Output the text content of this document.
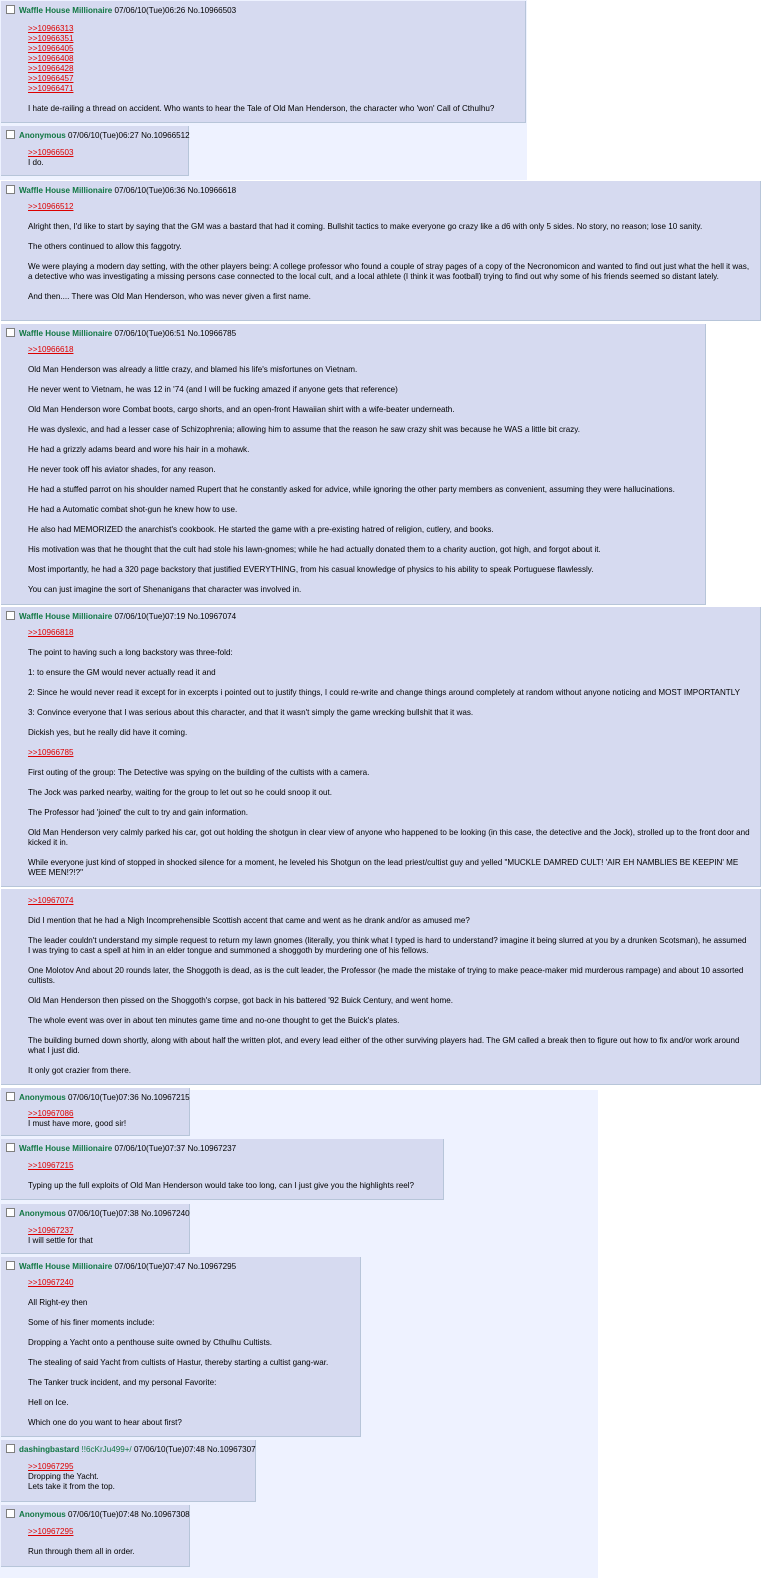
Waffle House Millionaire 07/06/10(Tue)06:26 No.10966503

>>10966313
>>10966351
>>10966405
>>10966408
>>10966428
>>10966457
>>10966471

I hate de-railing a thread on accident. Who wants to hear the Tale of Old Man Henderson, the character who 'won' Call of Cthulhu?

Anonymous 07/06/10(Tue)06:27 No.10966512
>>10966503

I do.

Waffle House Millionaire 07/06/10(Tue)06:36 No.10966618

>>10966512

Alright then, I'd like to start by saying that the GM was a bastard that had it coming. Bullshit tactics to make everyone go crazy like a d6 with only 5 sides. No story, no reason; lose 10 sanity.

The others continued to allow this faggotry.

We were playing a modern day setting, with the other players being: A college professor who found a couple of stray pages of a copy of the Necronomicon and wanted to find out just what the hell it was, a detective who was investigating a missing persons case connected to the local cult, and a local athlete (I think it was football) trying to find out why some of his friends seemed so distant lately.

And then.... There was Old Man Henderson, who was never given a first name.

Waffle House Millionaire 07/06/10(Tue)06:51 No.10966785

>>10966618

Old Man Henderson was already a little crazy, and blamed his life's misfortunes on Vietnam.

He never went to Vietnam, he was 12 in '74 (and I will be fucking amazed if anyone gets that reference)

Old Man Henderson wore Combat boots, cargo shorts, and an open-front Hawaiian shirt with a wife-beater underneath.

He was dyslexic, and had a lesser case of Schizophrenia; allowing him to assume that the reason he saw crazy shit was because he WAS a little bit crazy.

He had a grizzly adams beard and wore his hair in a mohawk.

He never took off his aviator shades, for any reason.

He had a stuffed parrot on his shoulder named Rupert that he constantly asked for advice, while ignoring the other party members as convenient, assuming they were hallucinations.

He had a Automatic combat shot-gun he knew how to use.

He also had MEMORIZED the anarchist's cookbook. He started the game with a pre-existing hatred of religion, cutlery, and books.

His motivation was that he thought that the cult had stole his lawn-gnomes; while he had actually donated them to a charity auction, got high, and forgot about it.

Most importantly, he had a 320 page backstory that justified EVERYTHING, from his casual knowledge of physics to his ability to speak Portuguese flawlessly.

You can just imagine the sort of Shenanigans that character was involved in.

Waffle House Millionaire 07/06/10(Tue)07:19 No.10967074

>>10966818

The point to having such a long backstory was three-fold:

1: to ensure the GM would never actually read it and

2: Since he would never read it except for in excerpts i pointed out to justify things, I could re-write and change things around completely at random without anyone noticing and MOST IMPORTANTLY

3: Convince everyone that I was serious about this character, and that it wasn't simply the game wrecking bullshit that it was.

Dickish yes, but he really did have it coming.

>>10966785

First outing of the group: The Detective was spying on the building of the cultists with a camera.

The Jock was parked nearby, waiting for the group to let out so he could snoop it out.

The Professor had 'joined' the cult to try and gain information.

Old Man Henderson very calmly parked his car, got out holding the shotgun in clear view of anyone who happened to be looking (in this case, the detective and the Jock), strolled up to the front door and kicked it in.

While everyone just kind of stopped in shocked silence for a moment, he leveled his Shotgun on the lead priest/cultist guy and yelled "MUCKLE DAMRED CULT! 'AIR EH NAMBLIES BE KEEPIN' ME WEE MEN!?!?"

>>10967074

Did I mention that he had a Nigh Incomprehensible Scottish accent that came and went as he drank and/or as amused me?

The leader couldn't understand my simple request to return my lawn gnomes (literally, you think what I typed is hard to understand? imagine it being slurred at you by a drunken Scotsman), he assumed I was trying to cast a spell at him in an elder tongue and summoned a shoggoth by murdering one of his fellows.

One Molotov And about 20 rounds later, the Shoggoth is dead, as is the cult leader, the Professor (he made the mistake of trying to make peace-maker mid murderous rampage) and about 10 assorted cultists.

Old Man Henderson then pissed on the Shoggoth's corpse, got back in his battered '92 Buick Century, and went home.

The whole event was over in about ten minutes game time and no-one thought to get the Buick's plates.

The building burned down shortly, along with about half the written plot, and every lead either of the other surviving players had. The GM called a break then to figure out how to fix and/or work around what I just did.

It only got crazier from there.

Anonymous 07/06/10(Tue)07:36 No.10967215
>>10967086

I must have more, good sir!

Waffle House Millionaire 07/06/10(Tue)07:37 No.10967237

>>10967215

Typing up the full exploits of Old Man Henderson would take too long, can I just give you the highlights reel?

Anonymous 07/06/10(Tue)07:38 No.10967240
>>10967237

I will settle for that

Waffle House Millionaire 07/06/10(Tue)07:47 No.10967295

>>10967240

All Right-ey then

Some of his finer moments include:

Dropping a Yacht onto a penthouse suite owned by Cthulhu Cultists.

The stealing of said Yacht from cultists of Hastur, thereby starting a cultist gang-war.

The Tanker truck incident, and my personal Favorite:

Hell on Ice.

Which one do you want to hear about first?

dashingbastard !!6cKrJu499+/ 07/06/10(Tue)07:48 No.10967307
>>10967295

Dropping the Yacht.

Lets take it from the top.

Anonymous 07/06/10(Tue)07:48 No.10967308

>>10967295

Run through them all in order.
